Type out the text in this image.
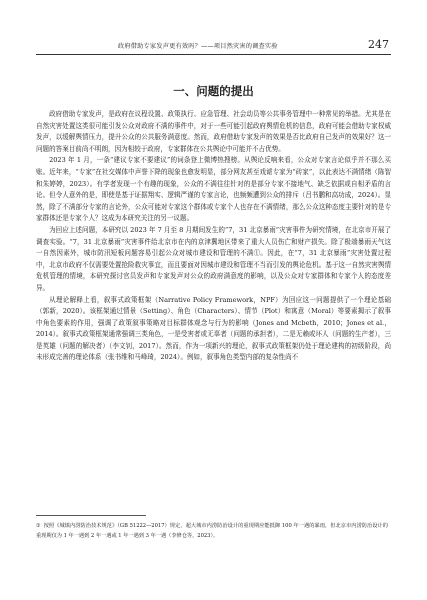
政府借助专家发声更有效吗？——项目然灾害的调查实验	247
一、问题的提出

政府借助专家发声，是政府在议程设置、政策执行、应急管理、社会动员等公共事务管理中一种常见的举措。尤其是在自然灾害处置这类很可能引发公众对政府不满的事件中，对于一些可能引起政府舆情危机的信息，政府可能会借助专家权威发声，以缓解舆情压力，提升公众的公共服务满意度。然而，政府借助专家发声的效果是否比政府自己发声的效果好？这一问题的答案目前尚不明朗，因为相较于政府，专家群体在公共舆论中可能并不占优势。

2023 年 1 月，一条“建议专家不要建议”的词条登上微博热搜榜。从舆论反响来看，公众对专家言论似乎并不那么买账。近年来，“专家”在社交媒体中声誉下降的现象也愈发明显，部分网友甚至戏谑专家为“砖家”，以此表达不满情绪（陈智和朱婷婷，2023）。有学者发现一个有趣的现象，公众的不满往往针对的是部分专家不接地气、缺乏依据或自相矛盾的言论。但令人意外的是，即使是基于证据翔实、逻辑严谨的专家言论，也频频遭到公众的排斥（吕书鹏和高功成，2024）。显然，除了不满部分专家的言论外，公众可能对专家这个群体或专家个人也存在不满情绪，那么公众这种态度主要针对的是专家群体还是专家个人？这成为本研究关注的另一议题。

为回应上述问题，本研究以 2023 年 7 月至 8 月期间发生的“7，31 北京暴雨”灾害事件为研究情境，在北京市开展了调查实验。“7，31 北京暴雨”灾害事件给北京市在内的京津冀地区带来了重大人员伤亡和财产损失。除了极端暴雨天气这一自然因素外，城市防汛短板问题容易引起公众对城市建设和管理的不满①。因此，在“7，31 北京暴雨”灾害处置过程中，北京市政府不仅需要处置抢险救灾事宜，而且要面对因城市建设和管理不当而引发的舆论危机。基于这一自然灾害舆情危机管理的情境，本研究探讨官员发声和专家发声对公众的政府满意度的影响，以及公众对专家群体和专家个人的态度差异。

从理论解释上看，叙事式政策框架（Narrative Policy Framework，NPF）为回应这一问题提供了一个理论基础（郭新，2020）。该框架通过情景（Setting）、角色（Characters）、情节（Plot）和寓意（Moral）等要素揭示了叙事中角色要素的作用，强调了政策叙事策略对目标群体观念与行为的影响（Jones and Mcbeth，2010；Jones et al.，2014）。叙事式政策框架通常强调三类角色，一是受害者或无辜者（问题的承担者），二是无赖或坏人（问题的生产者），三是英雄（问题的解决者）（李文钊，2017）。然而，作为一项新兴的理论，叙事式政策框架仍处于理论建构的初级阶段，尚未形成完善的理论体系（张书维和马峰琦，2024）。例如，叙事角色类型内部的复杂性尚不

① 按照《城镇内涝防治技术规范》（GB 51222—2017）规定，超大城市内涝防治设计的重现期应能抵御 100 年一遇的暴雨，但北京市内涝防治设计的重现期仅为 1 年一遇到 2 年一遇或 1 年一遇到 3 年一遇（李修仓等，2023）。
